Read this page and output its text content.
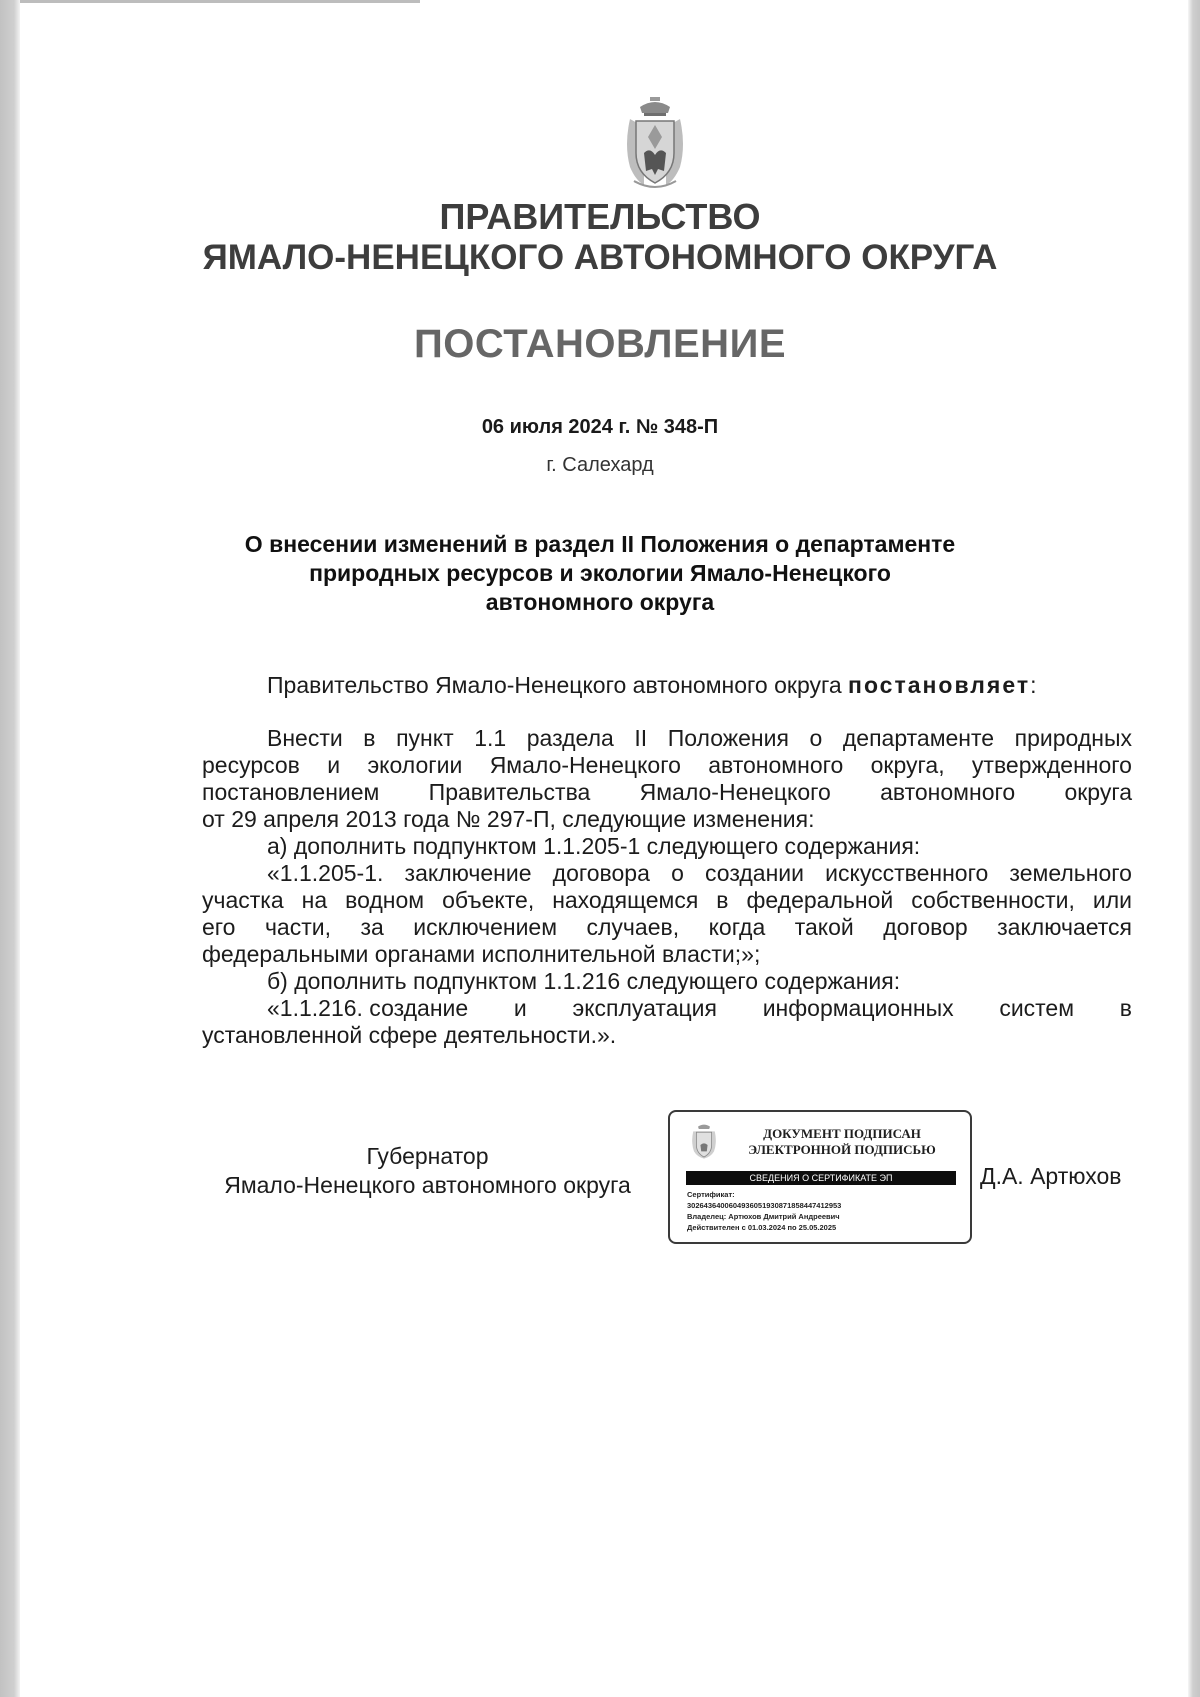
ПРАВИТЕЛЬСТВО
ЯМАЛО-НЕНЕЦКОГО АВТОНОМНОГО ОКРУГА
ПОСТАНОВЛЕНИЕ
06 июля 2024 г. № 348-П
г. Салехард
О внесении изменений в раздел II Положения о департаменте
природных ресурсов и экологии Ямало-Ненецкого
автономного округа
Правительство Ямало-Ненецкого автономного округа постановляет:
Внести в пункт 1.1 раздела II Положения о департаменте природных
ресурсов и экологии Ямало-Ненецкого автономного округа, утвержденного
постановлением Правительства Ямало-Ненецкого автономного округа
от 29 апреля 2013 года № 297-П, следующие изменения:
а) дополнить подпунктом 1.1.205-1 следующего содержания:
«1.1.205-1. заключение договора о создании искусственного земельного
участка на водном объекте, находящемся в федеральной собственности, или
его части, за исключением случаев, когда такой договор заключается
федеральными органами исполнительной власти;»;
б) дополнить подпунктом 1.1.216 следующего содержания:
«1.1.216. создание и эксплуатация информационных систем в
установленной сфере деятельности.».
Губернатор
Ямало-Ненецкого автономного округа
ДОКУМЕНТ ПОДПИСАН
ЭЛЕКТРОННОЙ ПОДПИСЬЮ
СВЕДЕНИЯ О СЕРТИФИКАТЕ ЭП
Сертификат:
3026436400604936051930871858447412953
Владелец: Артюхов Дмитрий Андреевич
Действителен с 01.03.2024 по 25.05.2025
Д.А. Артюхов
